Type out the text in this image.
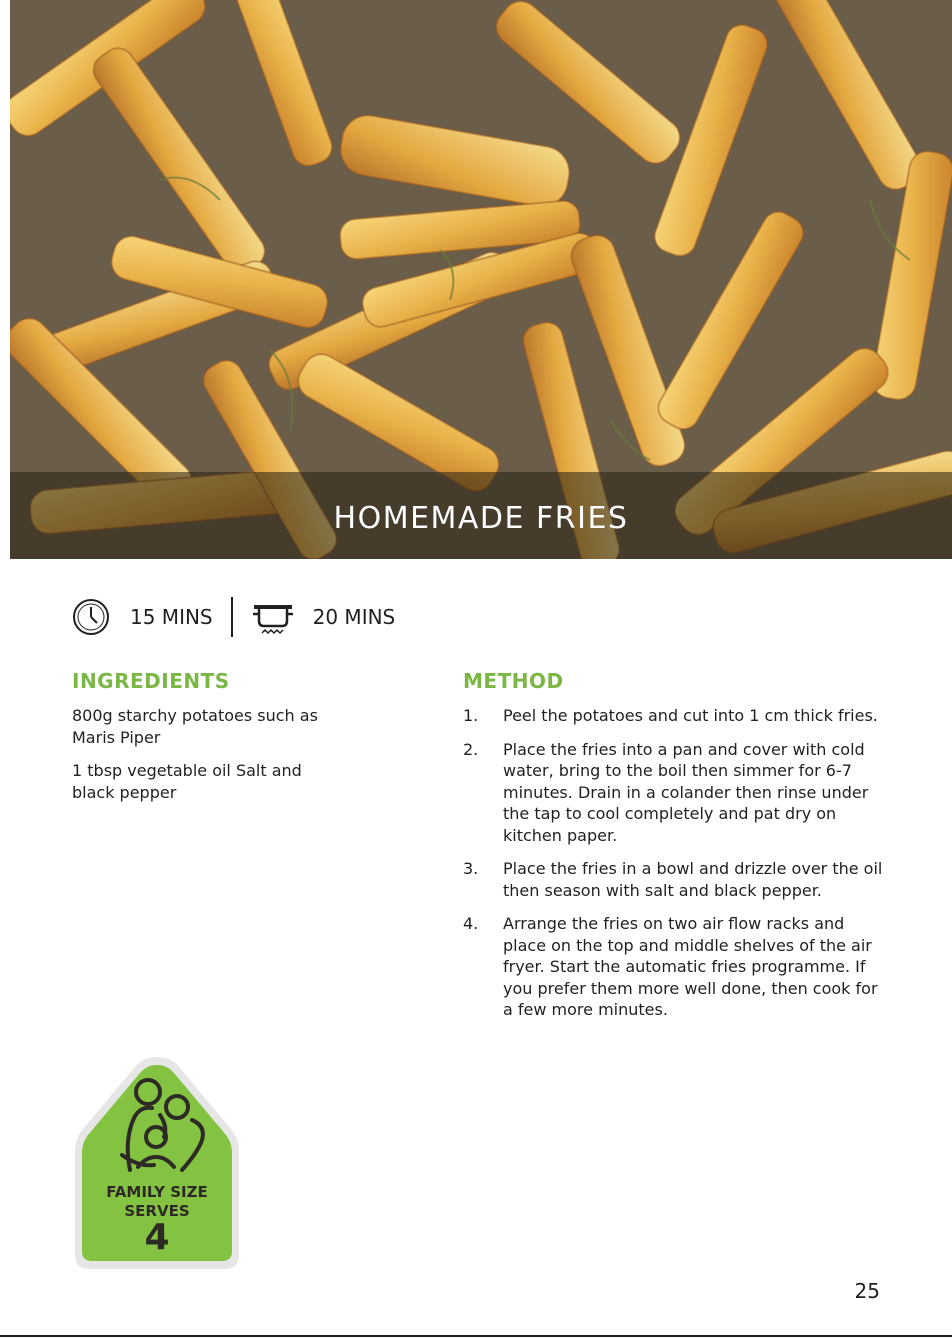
HOMEMADE FRIES
15 MINS	20 MINS
INGREDIENTS
800g starchy potatoes such as Maris Piper
1 tbsp vegetable oil Salt and black pepper
METHOD
1.	Peel the potatoes and cut into 1 cm thick fries.
2.	Place the fries into a pan and cover with cold water, bring to the boil then simmer for 6-7 minutes. Drain in a colander then rinse under the tap to cool completely and pat dry on kitchen paper.
3.	Place the fries in a bowl and drizzle over the oil then season with salt and black pepper.
4.	Arrange the fries on two air flow racks and place on the top and middle shelves of the air fryer. Start the automatic fries programme. If you prefer them more well done, then cook for a few more minutes.
FAMILY SIZE
SERVES
4
25
